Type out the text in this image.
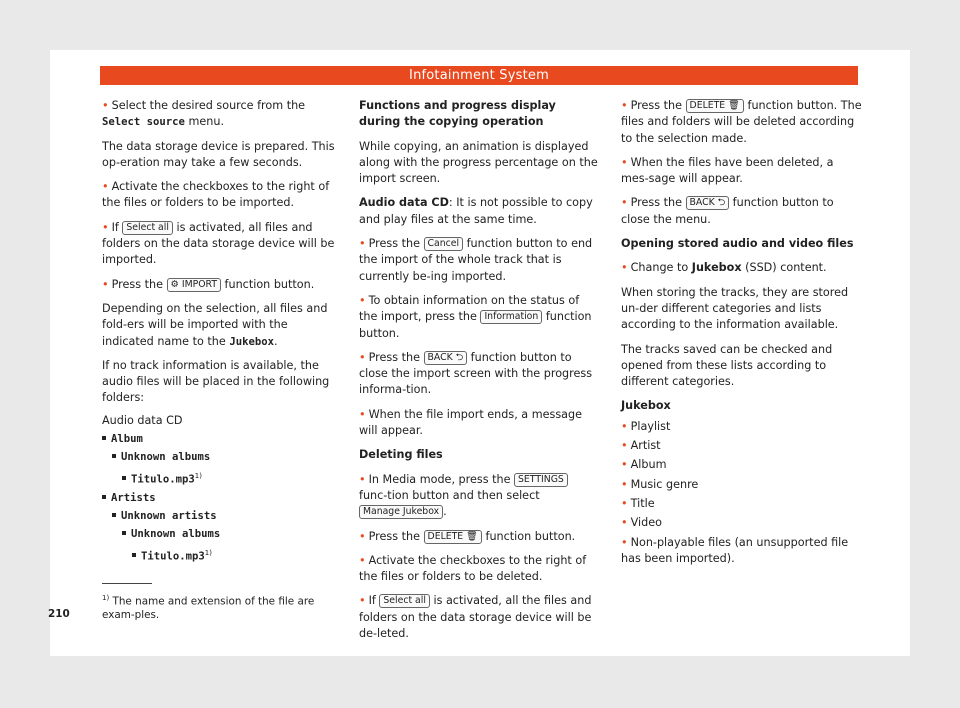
Infotainment System

• Select the desired source from the Select source menu.

The data storage device is prepared. This op-eration may take a few seconds.

• Activate the checkboxes to the right of the files or folders to be imported.

• If Select all is activated, all files and folders on the data storage device will be imported.

• Press the ⚙ IMPORT function button.

Depending on the selection, all files and fold-ers will be imported with the indicated name to the Jukebox.

If no track information is available, the audio files will be placed in the following folders:

Audio data CD
Album
Unknown albums
Titulo.mp3$^{1)}$
Artists
Unknown artists
Unknown albums
Titulo.mp3$^{1)}$

Functions and progress display during the copying operation

While copying, an animation is displayed along with the progress percentage on the import screen.

Audio data CD: It is not possible to copy and play files at the same time.

• Press the Cancel function button to end the import of the whole track that is currently be-ing imported.

• To obtain information on the status of the import, press the Information function button.

• Press the BACK ⮌ function button to close the import screen with the progress informa-tion.

• When the file import ends, a message will appear.

Deleting files

• In Media mode, press the SETTINGS func-tion button and then select Manage Jukebox .

• Press the DELETE 🗑 function button.

• Activate the checkboxes to the right of the files or folders to be deleted.

• If Select all is activated, all the files and folders on the data storage device will be de-leted.

• Press the DELETE 🗑 function button. The files and folders will be deleted according to the selection made.

• When the files have been deleted, a mes-sage will appear.

• Press the BACK ⮌ function button to close the menu.

Opening stored audio and video files

• Change to Jukebox (SSD) content.

When storing the tracks, they are stored un-der different categories and lists according to the information available.

The tracks saved can be checked and opened from these lists according to different categories.

Jukebox

• Playlist
• Artist
• Album
• Music genre
• Title
• Video
• Non-playable files (an unsupported file has been imported).
$^{1)}$ The name and extension of the file are exam-ples.
210
